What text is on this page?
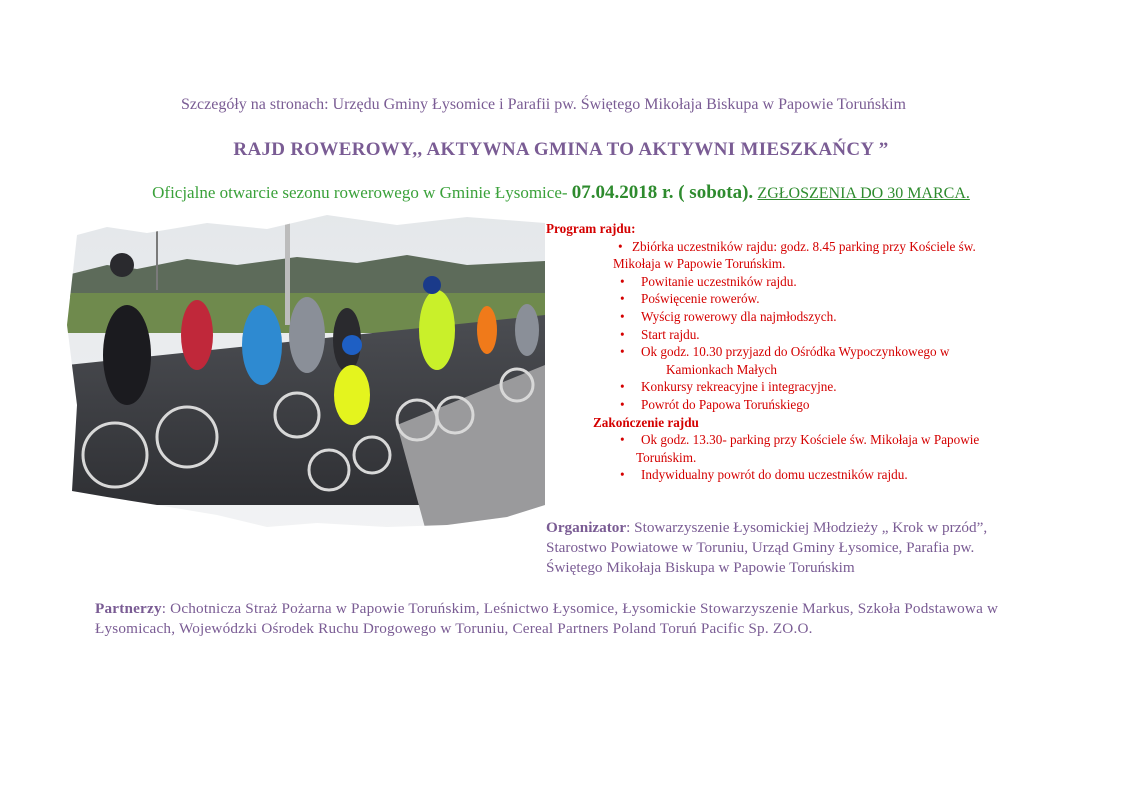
Szczegóły na stronach: Urzędu Gminy Łysomice i Parafii pw. Świętego Mikołaja Biskupa w Papowie Toruńskim
RAJD ROWEROWY,, AKTYWNA GMINA TO AKTYWNI MIESZKAŃCY ”
Oficjalne otwarcie sezonu rowerowego w Gminie Łysomice- 07.04.2018 r. ( sobota). ZGŁOSZENIA DO 30 MARCA.
Program rajdu:
• Zbiórka uczestników rajdu: godz. 8.45 parking przy Kościele św.
Mikołaja w Papowie Toruńskim.
• Powitanie uczestników rajdu.
• Poświęcenie rowerów.
• Wyścig rowerowy dla najmłodszych.
• Start rajdu.
• Ok godz. 10.30 przyjazd do Ośródka Wypoczynkowego w
Kamionkach Małych
• Konkursy rekreacyjne i integracyjne.
• Powrót do Papowa Toruńskiego
Zakończenie rajdu
• Ok godz. 13.30- parking przy Kościele św. Mikołaja w Papowie
Toruńskim.
• Indywidualny powrót do domu uczestników rajdu.
Organizator: Stowarzyszenie Łysomickiej Młodzieży „ Krok w przód”, Starostwo Powiatowe w Toruniu, Urząd Gminy Łysomice, Parafia pw. Świętego Mikołaja Biskupa w Papowie Toruńskim
Partnerzy: Ochotnicza Straż Pożarna w Papowie Toruńskim, Leśnictwo Łysomice, Łysomickie Stowarzyszenie Markus, Szkoła Podstawowa w Łysomicach, Wojewódzki Ośrodek Ruchu Drogowego w Toruniu, Cereal Partners Poland Toruń Pacific Sp. ZO.O.
